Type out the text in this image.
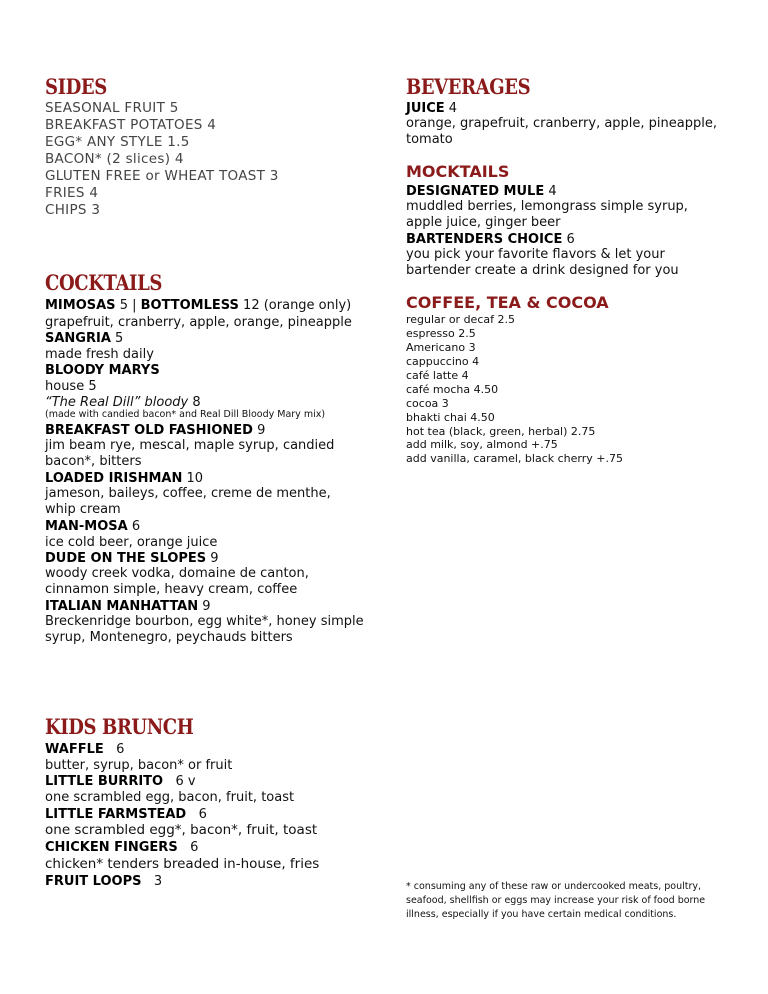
SIDES
SEASONAL FRUIT 5
BREAKFAST POTATOES 4
EGG* ANY STYLE 1.5
BACON* (2 slices) 4
GLUTEN FREE or WHEAT TOAST 3
FRIES 4
CHIPS 3
COCKTAILS
MIMOSAS 5 | BOTTOMLESS 12 (orange only)
grapefruit, cranberry, apple, orange, pineapple
SANGRIA 5
made fresh daily
BLOODY MARYS
house 5
“The Real Dill” bloody 8
(made with candied bacon* and Real Dill Bloody Mary mix)
BREAKFAST OLD FASHIONED 9
jim beam rye, mescal, maple syrup, candied bacon*, bitters
LOADED IRISHMAN 10
jameson, baileys, coffee, creme de menthe, whip cream
MAN-MOSA 6
ice cold beer, orange juice
DUDE ON THE SLOPES 9
woody creek vodka, domaine de canton, cinnamon simple, heavy cream, coffee
ITALIAN MANHATTAN 9
Breckenridge bourbon, egg white*, honey simple syrup, Montenegro, peychauds bitters
KIDS BRUNCH
WAFFLE   6
butter, syrup, bacon* or fruit
LITTLE BURRITO   6 v
one scrambled egg, bacon, fruit, toast
LITTLE FARMSTEAD   6
one scrambled egg*, bacon*, fruit, toast
CHICKEN FINGERS   6
chicken* tenders breaded in-house, fries
FRUIT LOOPS   3
BEVERAGES
JUICE 4
orange, grapefruit, cranberry, apple, pineapple, tomato
MOCKTAILS
DESIGNATED MULE 4
muddled berries, lemongrass simple syrup, apple juice, ginger beer
BARTENDERS CHOICE 6
you pick your favorite flavors & let your bartender create a drink designed for you
COFFEE, TEA & COCOA
regular or decaf 2.5
espresso 2.5
Americano 3
cappuccino 4
café latte 4
café mocha 4.50
cocoa 3
bhakti chai 4.50
hot tea (black, green, herbal) 2.75
add milk, soy, almond +.75
add vanilla, caramel, black cherry +.75
* consuming any of these raw or undercooked meats, poultry, seafood, shellfish or eggs may increase your risk of food borne illness, especially if you have certain medical conditions.
